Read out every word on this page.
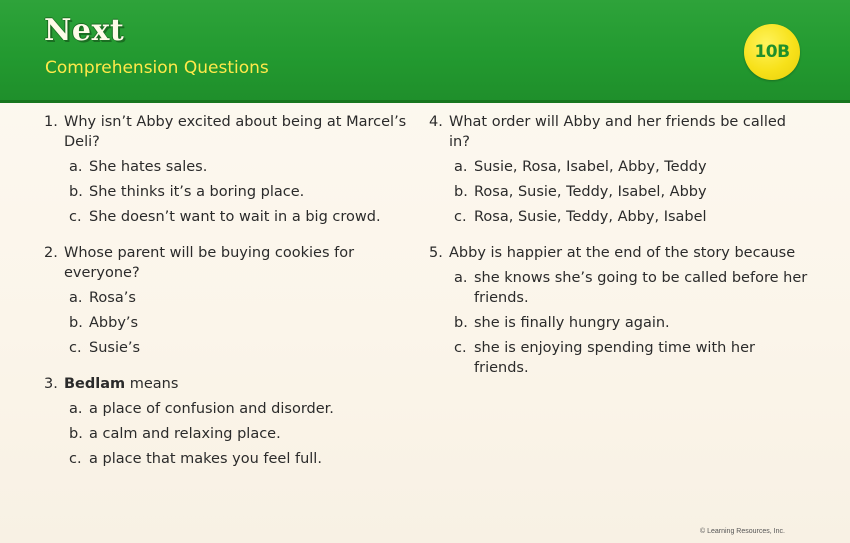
Next
Comprehension Questions
10B
1. Why isn’t Abby excited about being at Marcel’s Deli?
a. She hates sales.
b. She thinks it’s a boring place.
c. She doesn’t want to wait in a big crowd.
2. Whose parent will be buying cookies for everyone?
a. Rosa’s
b. Abby’s
c. Susie’s
3. Bedlam means
a. a place of confusion and disorder.
b. a calm and relaxing place.
c. a place that makes you feel full.
4. What order will Abby and her friends be called in?
a. Susie, Rosa, Isabel, Abby, Teddy
b. Rosa, Susie, Teddy, Isabel, Abby
c. Rosa, Susie, Teddy, Abby, Isabel
5. Abby is happier at the end of the story because
a. she knows she’s going to be called before her friends.
b. she is finally hungry again.
c. she is enjoying spending time with her friends.
© Learning Resources, Inc.
